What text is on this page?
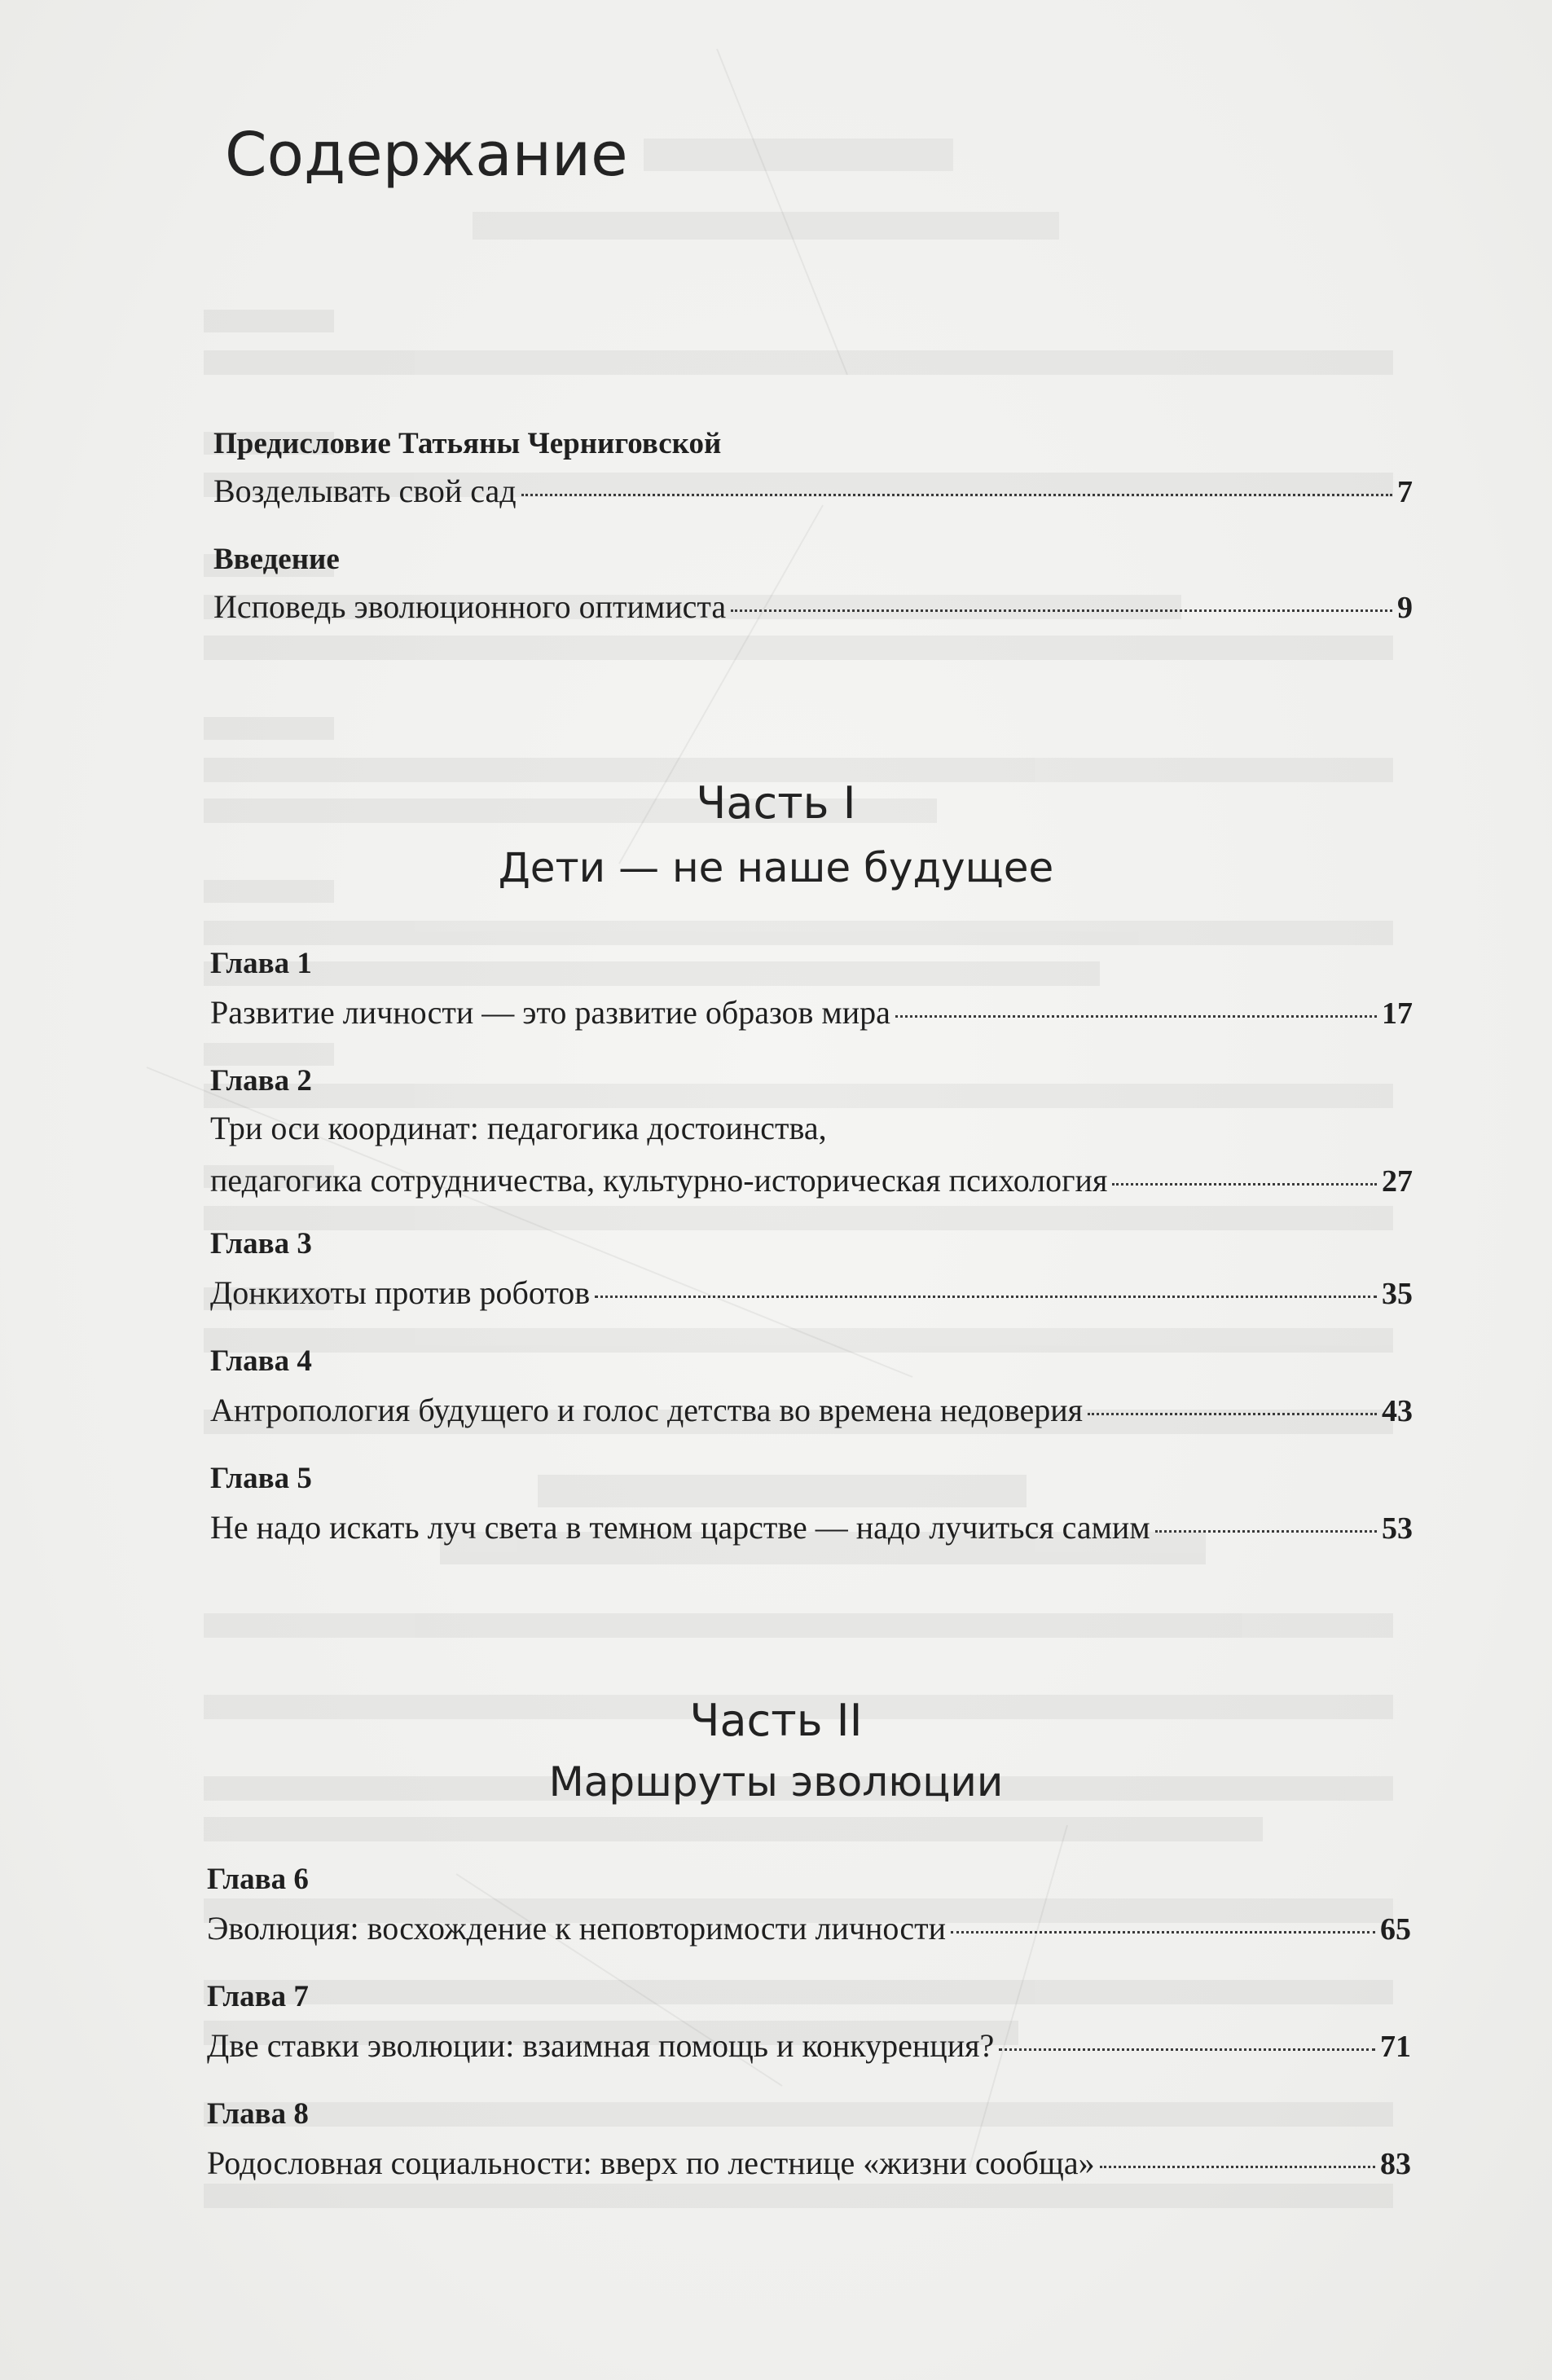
Содержание
Предисловие Татьяны Черниговской
Возделывать свой сад	7
Введение
Исповедь эволюционного оптимиста	9
Часть I
Дети — не наше будущее
Глава 1
Развитие личности — это развитие образов мира	17
Глава 2
Три оси координат: педагогика достоинства,
педагогика сотрудничества, культурно-историческая психология	27
Глава 3
Донкихоты против роботов	35
Глава 4
Антропология будущего и голос детства во времена недоверия	43
Глава 5
Не надо искать луч света в темном царстве — надо лучиться самим	53
Часть II
Маршруты эволюции
Глава 6
Эволюция: восхождение к неповторимости личности	65
Глава 7
Две ставки эволюции: взаимная помощь и конкуренция?	71
Глава 8
Родословная социальности: вверх по лестнице «жизни сообща»	83
